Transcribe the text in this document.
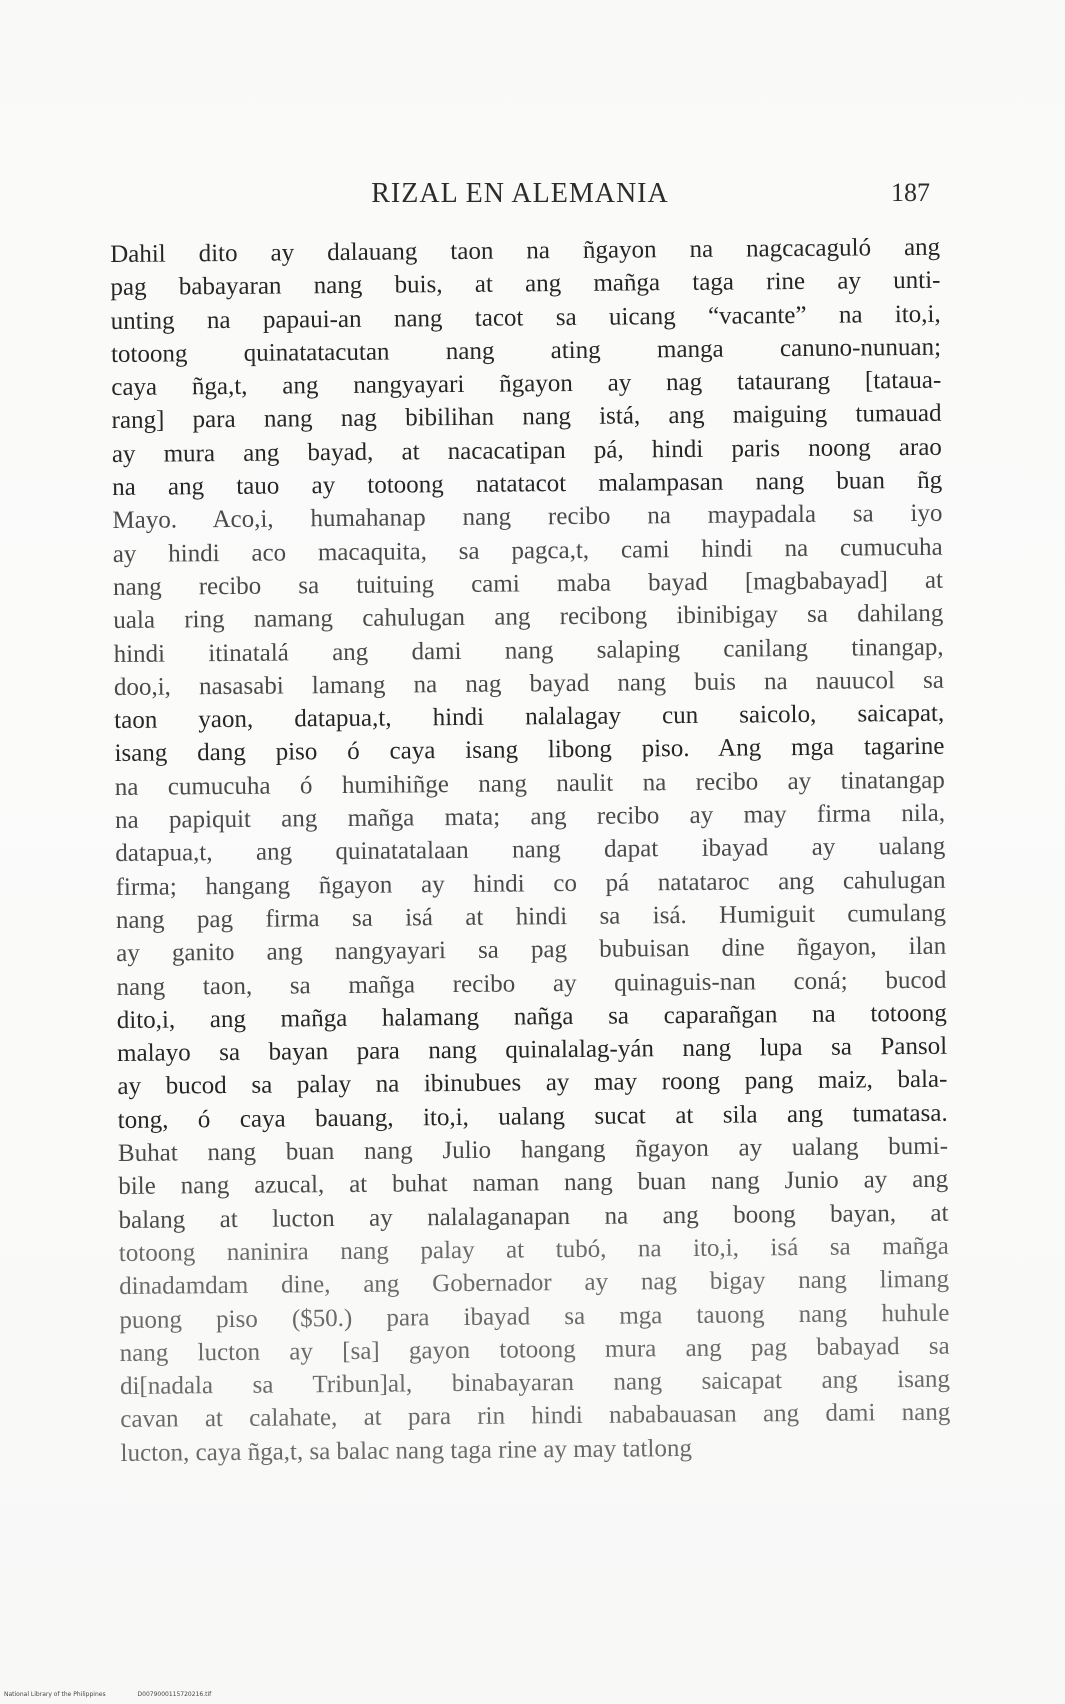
RIZAL EN ALEMANIA	187
Dahil dito ay dalauang taon na ñgayon na nagcacaguló ang
pag babayaran nang buis, at ang mañga taga rine ay unti-
unting na papaui-an nang tacot sa uicang “vacante” na ito,i,
totoong quinatatacutan nang ating manga canuno-nunuan;
caya ñga,t, ang nangyayari ñgayon ay nag tataurang [tataua-
rang] para nang nag bibilihan nang istá, ang maiguing tumauad
ay mura ang bayad, at nacacatipan pá, hindi paris noong arao
na ang tauo ay totoong natatacot malampasan nang buan ñg
Mayo. Aco,i, humahanap nang recibo na maypadala sa iyo
ay hindi aco macaquita, sa pagca,t, cami hindi na cumucuha
nang recibo sa tuituing cami maba bayad [magbabayad] at
uala ring namang cahulugan ang recibong ibinibigay sa dahilang
hindi itinatalá ang dami nang salaping canilang tinangap,
doo,i, nasasabi lamang na nag bayad nang buis na nauucol sa
taon yaon, datapua,t, hindi nalalagay cun saicolo, saicapat,
isang dang piso ó caya isang libong piso. Ang mga tagarine
na cumucuha ó humihiñge nang naulit na recibo ay tinatangap
na papiquit ang mañga mata; ang recibo ay may firma nila,
datapua,t, ang quinatatalaan nang dapat ibayad ay ualang
firma; hangang ñgayon ay hindi co pá natataroc ang cahulugan
nang pag firma sa isá at hindi sa isá. Humiguit cumulang
ay ganito ang nangyayari sa pag bubuisan dine ñgayon, ilan
nang taon, sa mañga recibo ay quinaguis-nan coná; bucod
dito,i, ang mañga halamang nañga sa caparañgan na totoong
malayo sa bayan para nang quinalalag-yán nang lupa sa Pansol
ay bucod sa palay na ibinubues ay may roong pang maiz, bala-
tong, ó caya bauang, ito,i, ualang sucat at sila ang tumatasa.
Buhat nang buan nang Julio hangang ñgayon ay ualang bumi-
bile nang azucal, at buhat naman nang buan nang Junio ay ang
balang at lucton ay nalalaganapan na ang boong bayan, at
totoong naninira nang palay at tubó, na ito,i, isá sa mañga
dinadamdam dine, ang Gobernador ay nag bigay nang limang
puong piso ($50.) para ibayad sa mga tauong nang huhule
nang lucton ay [sa] gayon totoong mura ang pag babayad sa
di[nadala sa Tribun]al, binabayaran nang saicapat ang isang
cavan at calahate, at para rin hindi nababauasan ang dami nang
lucton, caya ñga,t, sa balac nang taga rine ay may tatlong
National Library of the Philippines	D0079000115720216.tif
